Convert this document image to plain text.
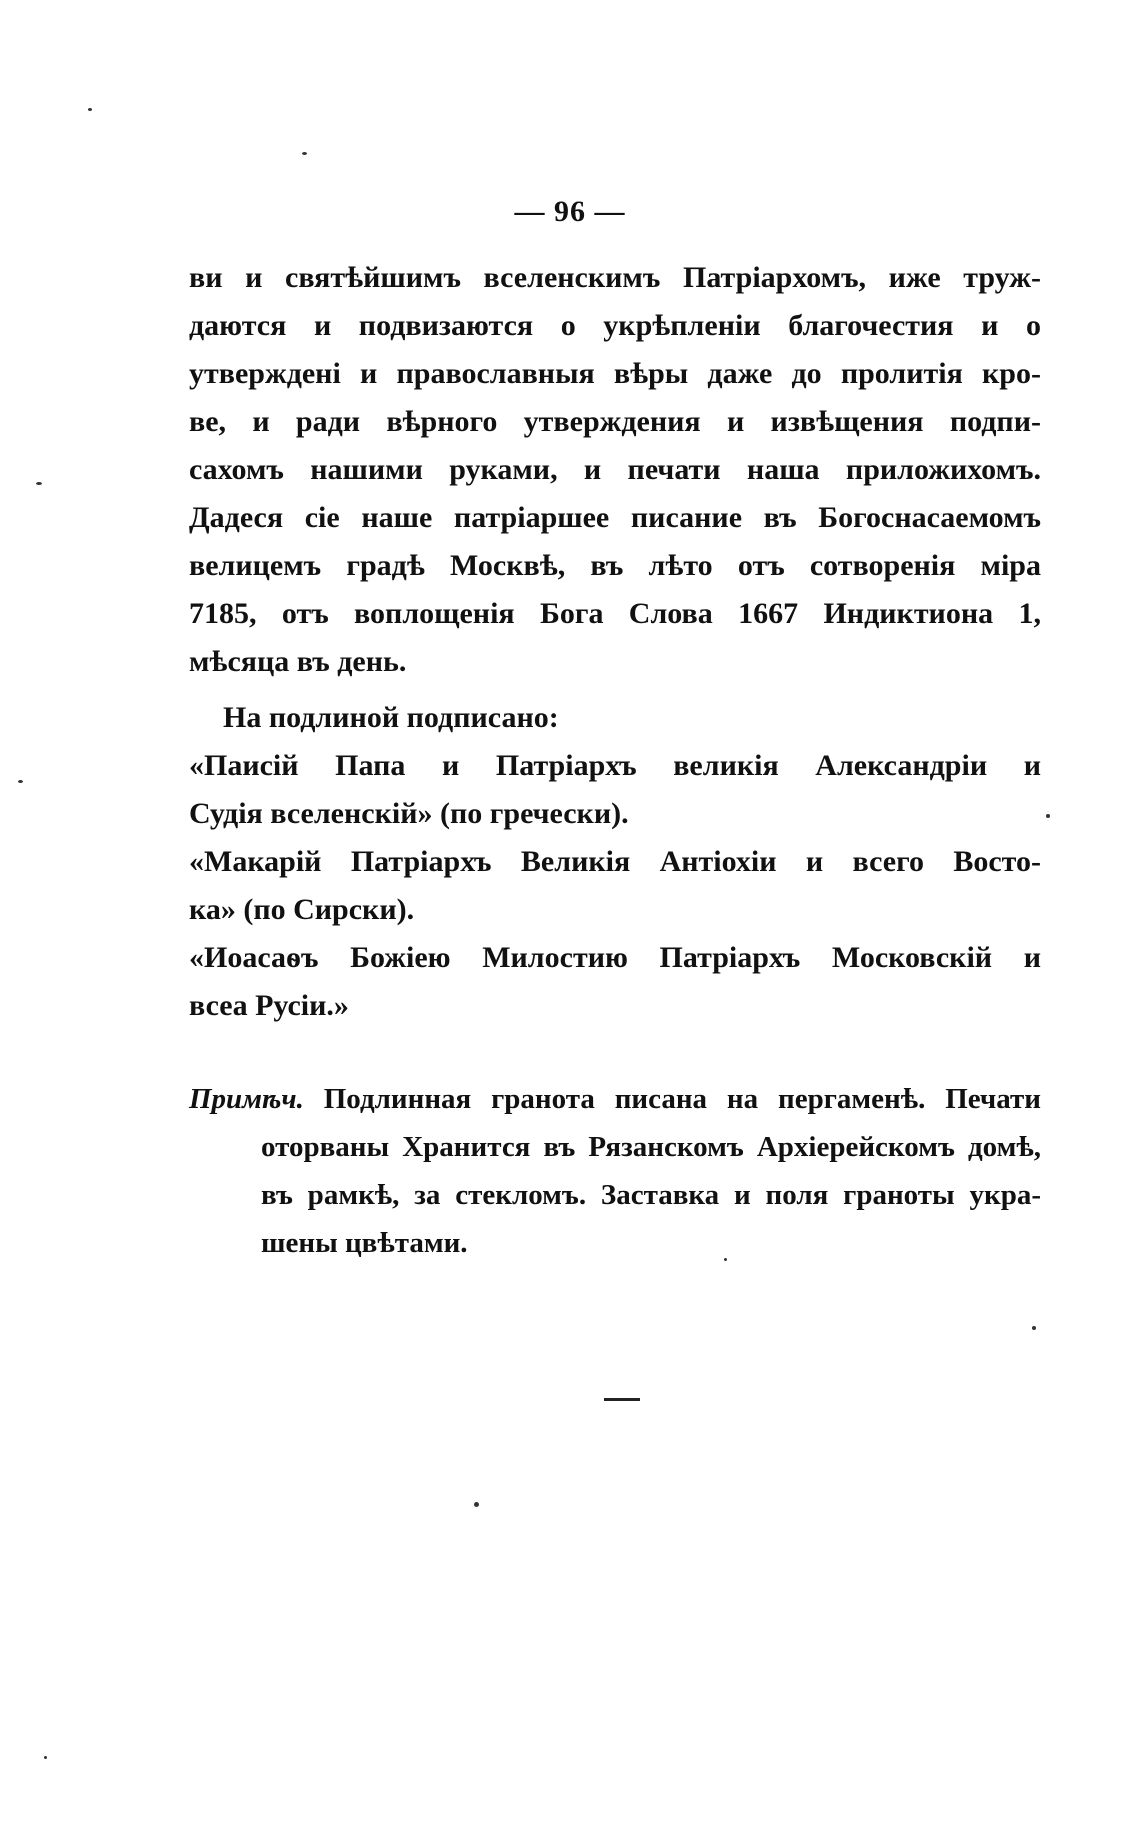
— 96 —
ви и святѣйшимъ вселенскимъ Патріархомъ, иже труж-
даются и подвизаются о укрѣпленіи благочестия и о
утверждені и православныя вѣры даже до пролитія кро-
ве, и ради вѣрного утверждения и извѣщения подпи-
сахомъ нашими руками, и печати наша приложихомъ.
Дадеся сіе наше патріаршее писание въ Богоснасаемомъ
велицемъ градѣ Москвѣ, въ лѣто отъ сотворенія міра
7185, отъ воплощенія Бога Слова 1667 Индиктиона 1,
мѣсяца въ день.
На подлиной подписано:
«Паисій Папа и Патріархъ великія Александріи и
Судія вселенскій» (по гречески).
«Макарій Патріархъ Великія Антіохіи и всего Восто-
ка» (по Сирски).
«Иоасаѳъ Божіею Милостию Патріархъ Московскій и
всеа Русіи.»
Примѣч. Подлинная гранота писана на пергаменѣ. Печати
оторваны Хранится въ Рязанскомъ Архіерейскомъ домѣ,
въ рамкѣ, за стекломъ. Заставка и поля граноты укра-
шены цвѣтами.
